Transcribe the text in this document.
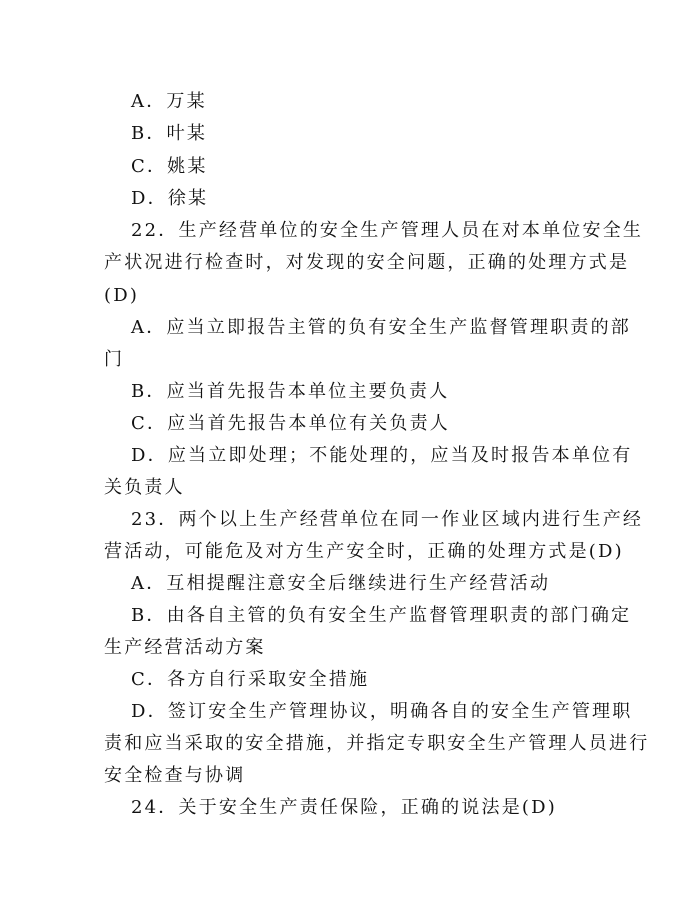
A．万某
B．叶某
C．姚某
D．徐某
22．生产经营单位的安全生产管理人员在对本单位安全生
产状况进行检查时，对发现的安全问题，正确的处理方式是
(D)
A．应当立即报告主管的负有安全生产监督管理职责的部
门
B．应当首先报告本单位主要负责人
C．应当首先报告本单位有关负责人
D．应当立即处理；不能处理的，应当及时报告本单位有
关负责人
23．两个以上生产经营单位在同一作业区域内进行生产经
营活动，可能危及对方生产安全时，正确的处理方式是(D)
A．互相提醒注意安全后继续进行生产经营活动
B．由各自主管的负有安全生产监督管理职责的部门确定
生产经营活动方案
C．各方自行采取安全措施
D．签订安全生产管理协议，明确各自的安全生产管理职
责和应当采取的安全措施，并指定专职安全生产管理人员进行
安全检查与协调
24．关于安全生产责任保险，正确的说法是(D)
